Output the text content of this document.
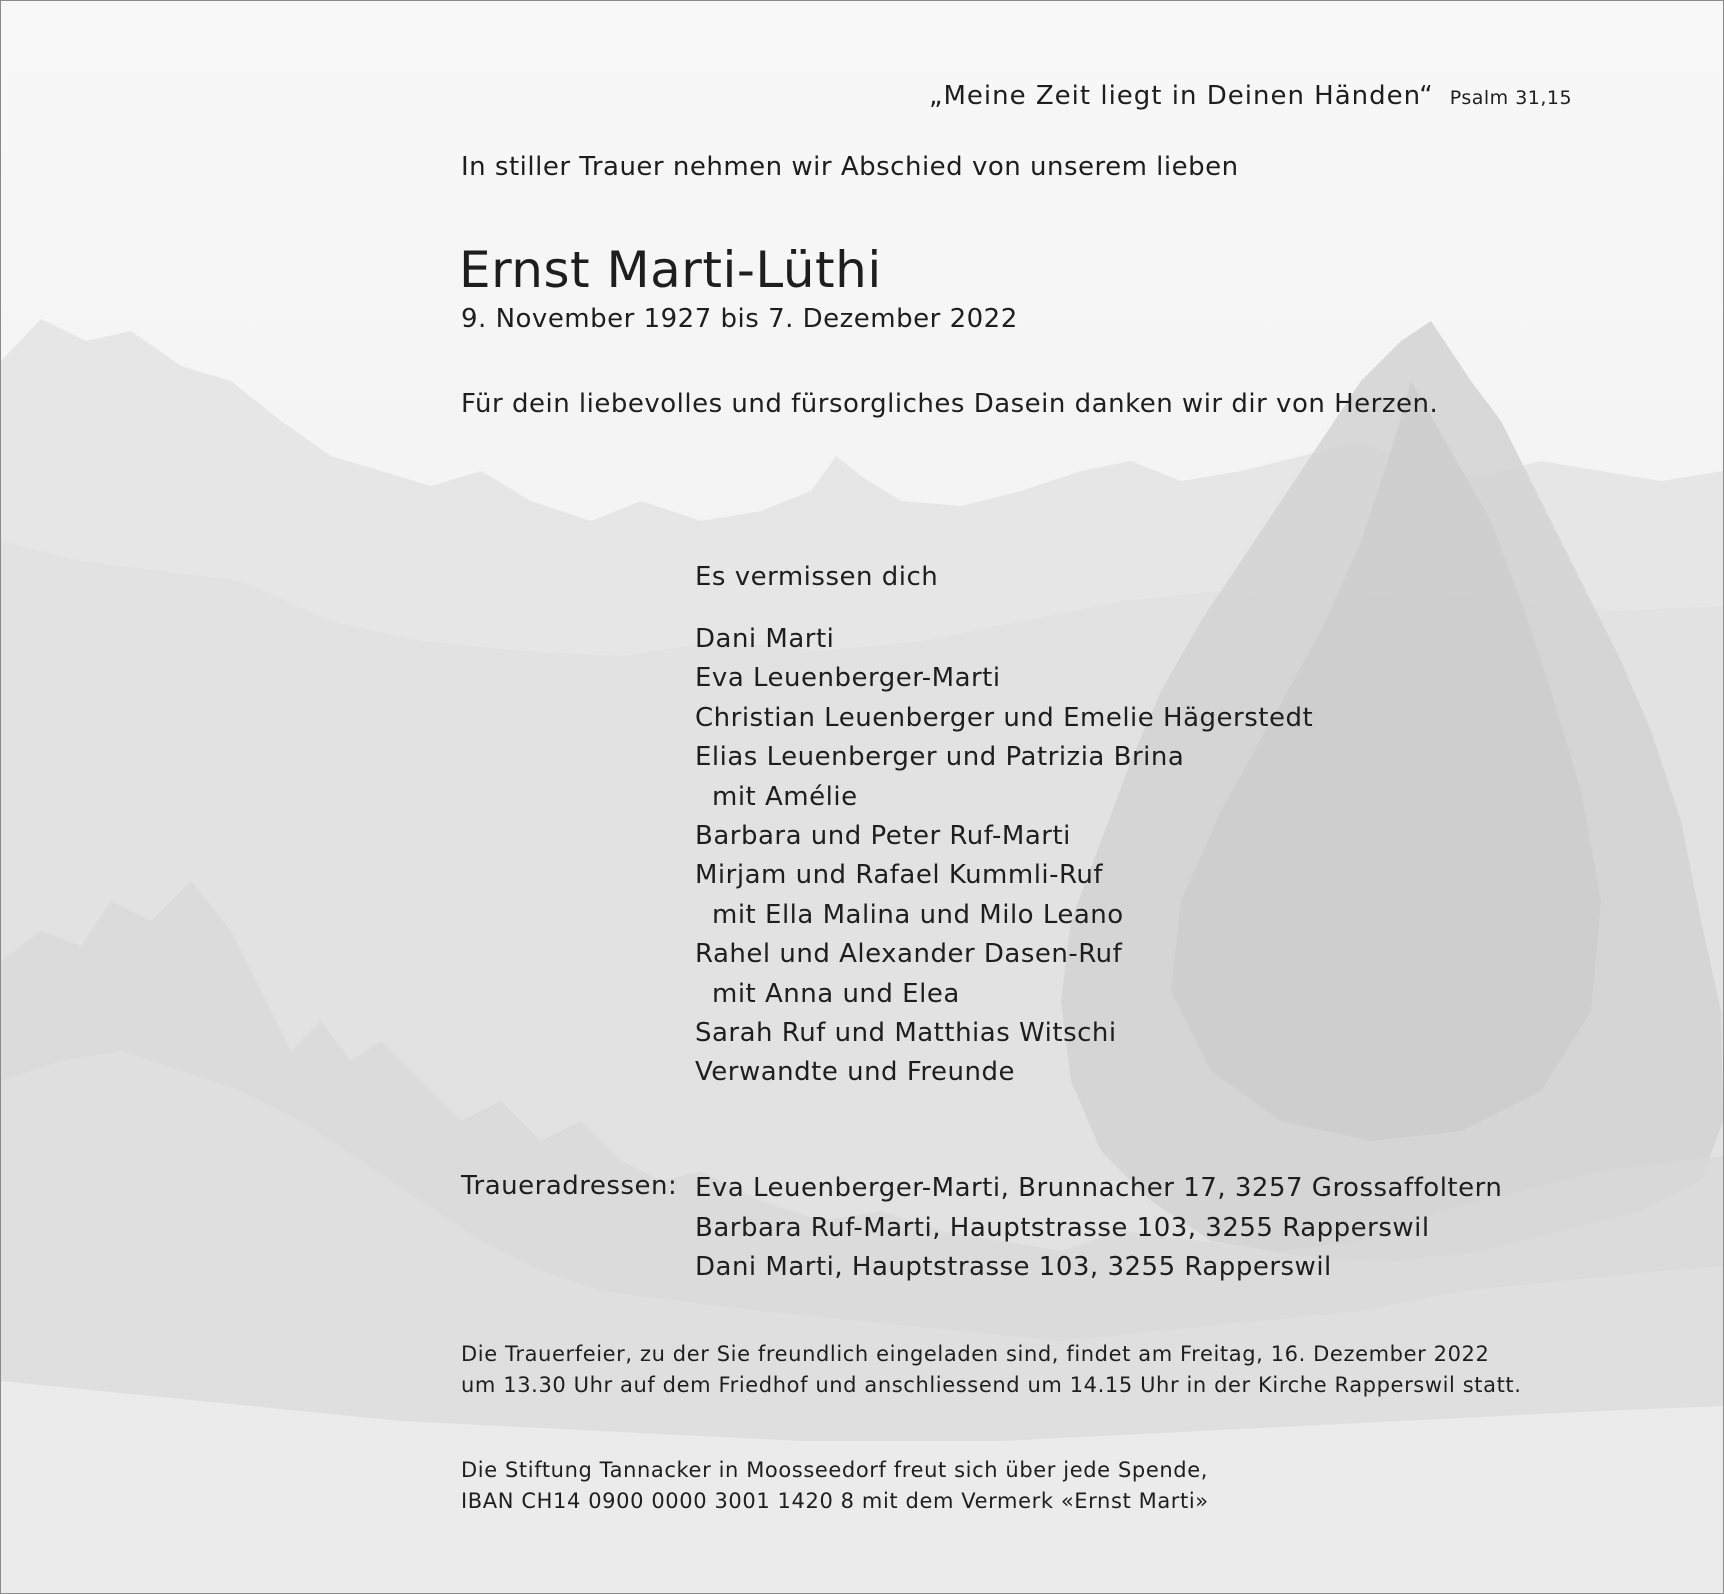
„Meine Zeit liegt in Deinen Händen“ Psalm 31,15
In stiller Trauer nehmen wir Abschied von unserem lieben
Ernst Marti-Lüthi
9. November 1927 bis 7. Dezember 2022
Für dein liebevolles und fürsorgliches Dasein danken wir dir von Herzen.
Es vermissen dich
Dani Marti
Eva Leuenberger-Marti
Christian Leuenberger und Emelie Hägerstedt
Elias Leuenberger und Patrizia Brina
mit Amélie
Barbara und Peter Ruf-Marti
Mirjam und Rafael Kummli-Ruf
mit Ella Malina und Milo Leano
Rahel und Alexander Dasen-Ruf
mit Anna und Elea
Sarah Ruf und Matthias Witschi
Verwandte und Freunde
Traueradressen: Eva Leuenberger-Marti, Brunnacher 17, 3257 Grossaffoltern
Barbara Ruf-Marti, Hauptstrasse 103, 3255 Rapperswil
Dani Marti, Hauptstrasse 103, 3255 Rapperswil
Die Trauerfeier, zu der Sie freundlich eingeladen sind, findet am Freitag, 16. Dezember 2022
um 13.30 Uhr auf dem Friedhof und anschliessend um 14.15 Uhr in der Kirche Rapperswil statt.
Die Stiftung Tannacker in Moosseedorf freut sich über jede Spende,
IBAN CH14 0900 0000 3001 1420 8 mit dem Vermerk «Ernst Marti»
